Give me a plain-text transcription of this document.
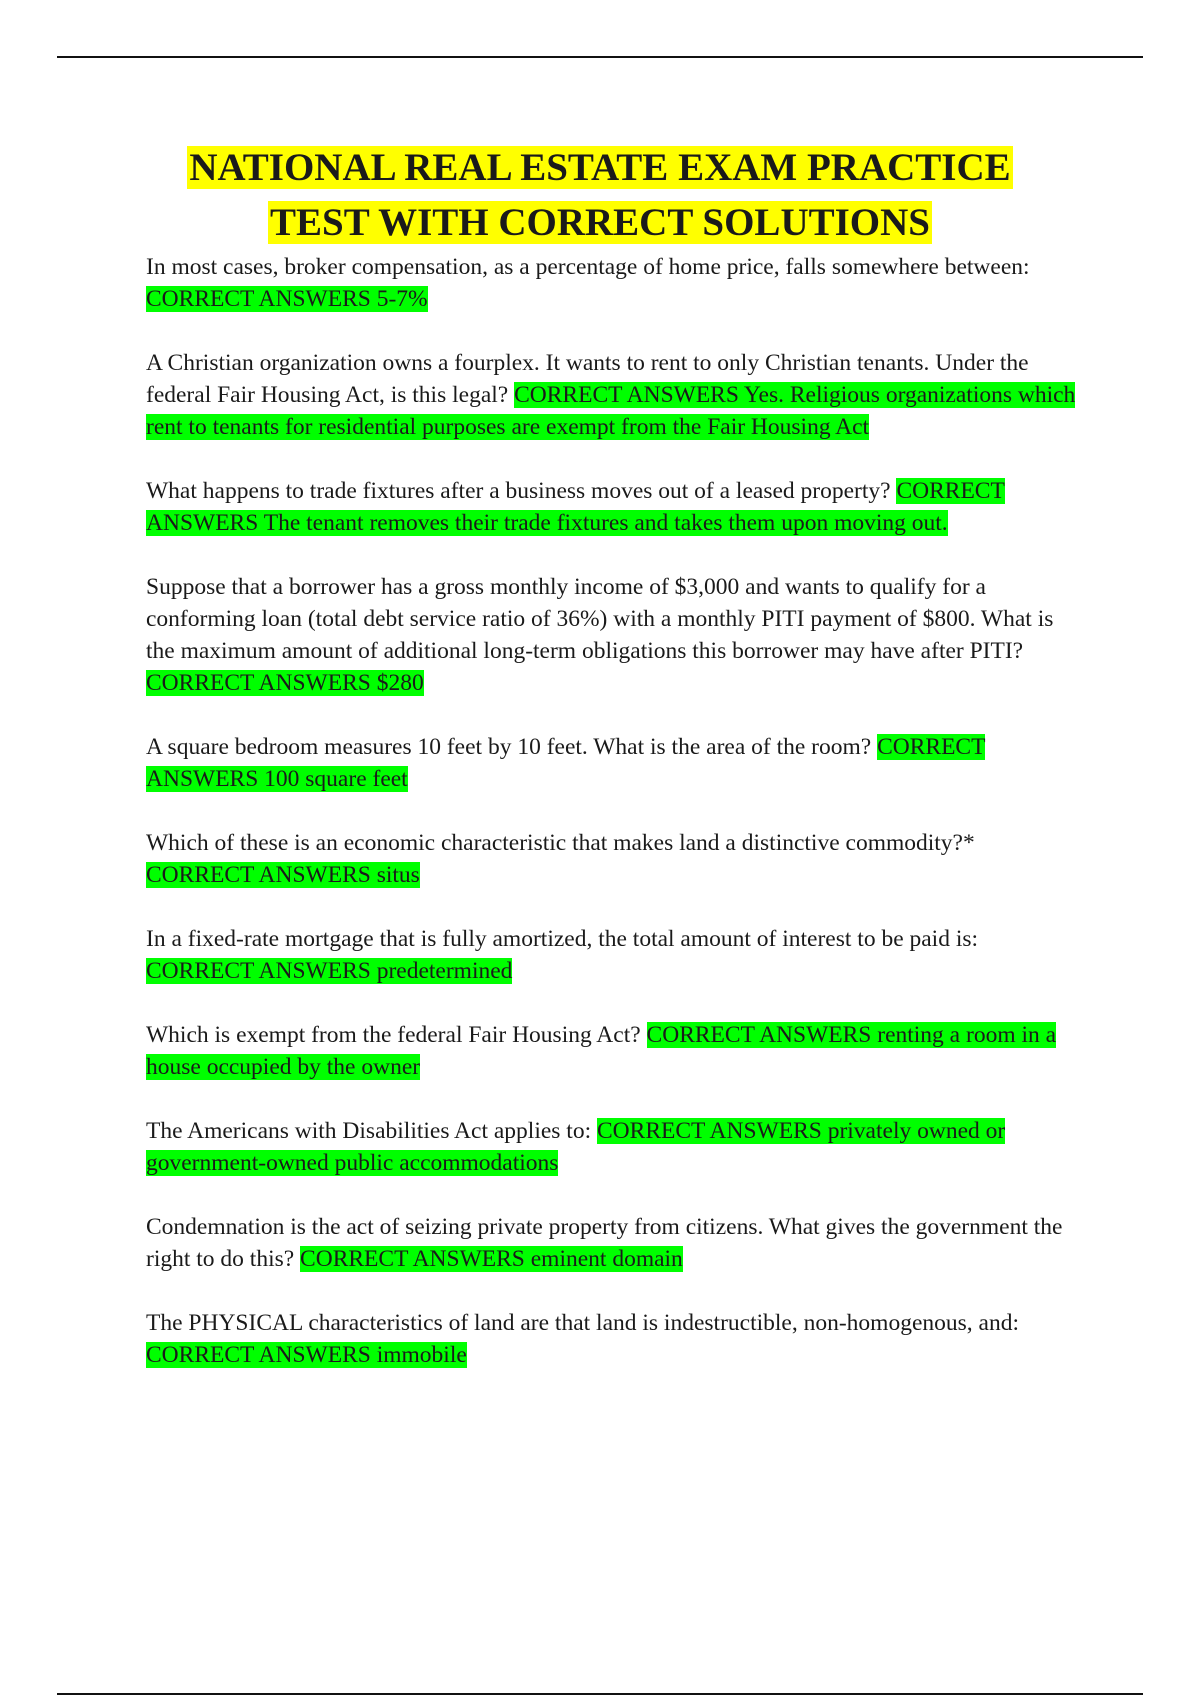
NATIONAL REAL ESTATE EXAM PRACTICE
TEST WITH CORRECT SOLUTIONS

In most cases, broker compensation, as a percentage of home price, falls somewhere between:
CORRECT ANSWERS 5-7%

A Christian organization owns a fourplex. It wants to rent to only Christian tenants. Under the federal Fair Housing Act, is this legal? CORRECT ANSWERS Yes. Religious organizations which rent to tenants for residential purposes are exempt from the Fair Housing Act

What happens to trade fixtures after a business moves out of a leased property? CORRECT ANSWERS The tenant removes their trade fixtures and takes them upon moving out.

Suppose that a borrower has a gross monthly income of $3,000 and wants to qualify for a conforming loan (total debt service ratio of 36%) with a monthly PITI payment of $800. What is the maximum amount of additional long-term obligations this borrower may have after PITI?
CORRECT ANSWERS $280

A square bedroom measures 10 feet by 10 feet. What is the area of the room? CORRECT ANSWERS 100 square feet

Which of these is an economic characteristic that makes land a distinctive commodity?*
CORRECT ANSWERS situs

In a fixed-rate mortgage that is fully amortized, the total amount of interest to be paid is:
CORRECT ANSWERS predetermined

Which is exempt from the federal Fair Housing Act? CORRECT ANSWERS renting a room in a house occupied by the owner

The Americans with Disabilities Act applies to: CORRECT ANSWERS privately owned or government-owned public accommodations

Condemnation is the act of seizing private property from citizens. What gives the government the right to do this? CORRECT ANSWERS eminent domain

The PHYSICAL characteristics of land are that land is indestructible, non-homogenous, and:
CORRECT ANSWERS immobile
